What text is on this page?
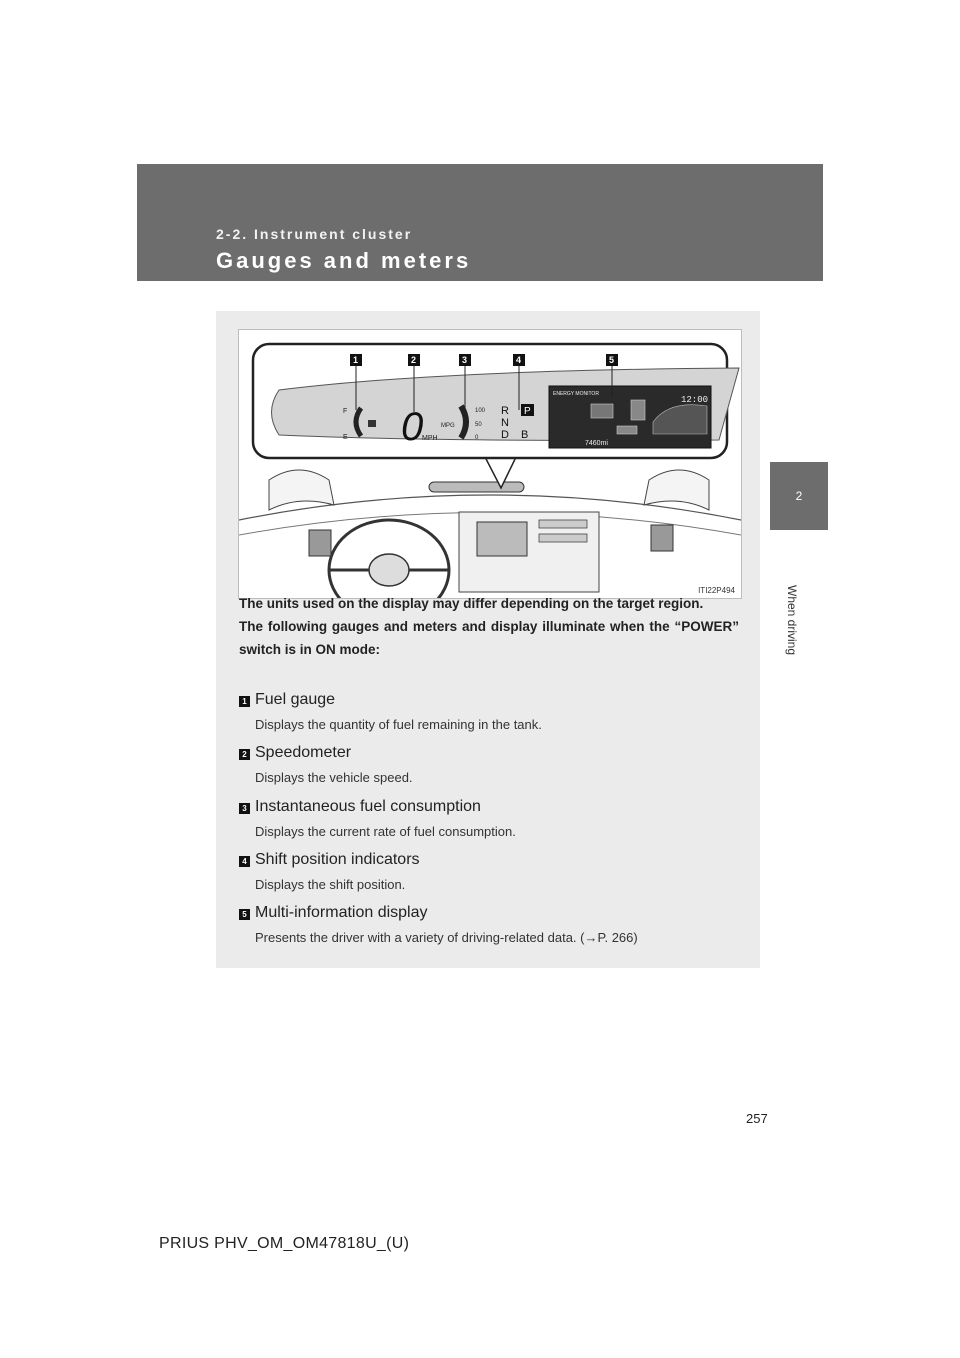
2-2. Instrument cluster
Gauges and meters
2
When driving
F
E 0
MPH
MPG
100
50
0
R
N
D B
P
ENERGY MONITOR
12:00
7460mi
1	2	3	4	5
ITI22P494

The units used on the display may differ depending on the target region.

The following gauges and meters and display illuminate when the “POWER” switch is in ON mode:

1 Fuel gauge
Displays the quantity of fuel remaining in the tank.
2 Speedometer
Displays the vehicle speed.
3 Instantaneous fuel consumption
Displays the current rate of fuel consumption.
4 Shift position indicators
Displays the shift position.
5 Multi-information display
Presents the driver with a variety of driving-related data. (→P. 266)
257
PRIUS PHV_OM_OM47818U_(U)
